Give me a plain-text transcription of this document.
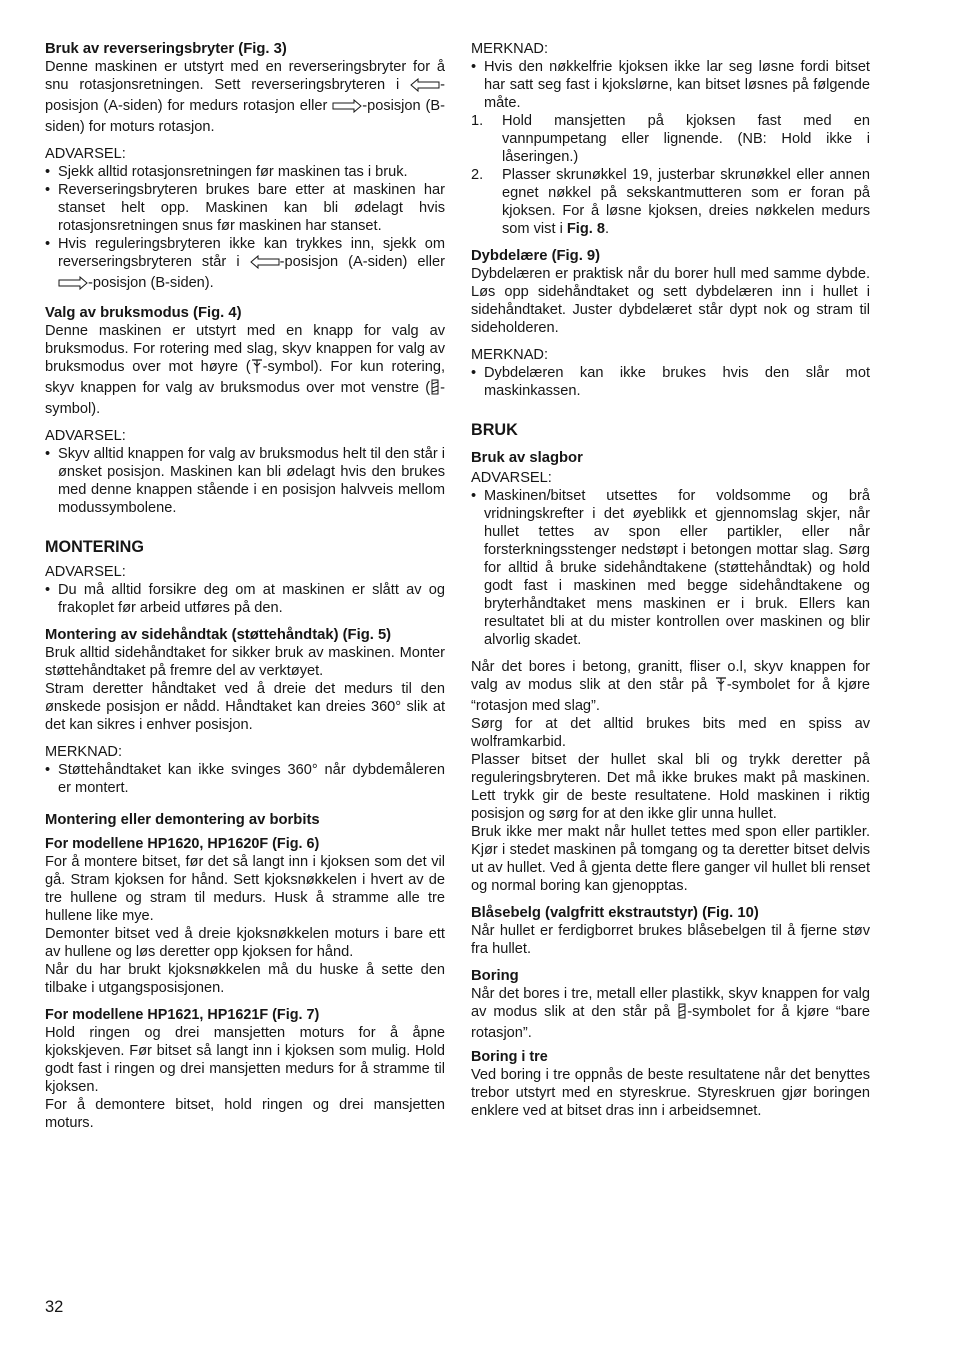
Bruk av reverseringsbryter (Fig. 3)

Denne maskinen er utstyrt med en reverseringsbryter for å snu rotasjonsretningen. Sett reverseringsbryteren i	-posisjon (A-siden) for medurs rotasjon eller -posisjon (B-siden) for moturs rotasjon.

ADVARSEL:

• Sjekk alltid rotasjonsretningen før maskinen tas i bruk.
• Reverseringsbryteren brukes bare etter at maskinen har stanset helt opp. Maskinen kan bli ødelagt hvis rotasjonsretningen snus før maskinen har stanset.
• Hvis reguleringsbryteren ikke kan trykkes inn, sjekk om reverseringsbryteren står i	-posisjon (A-siden) eller -posisjon (B-siden).
Valg av bruksmodus (Fig. 4)

Denne maskinen er utstyrt med en knapp for valg av bruksmodus. For rotering med slag, skyv knappen for valg av bruksmodus over mot høyre ( -symbol). For kun rotering, skyv knappen for valg av bruksmodus over mot venstre ( -symbol).

ADVARSEL:

• Skyv alltid knappen for valg av bruksmodus helt til den står i ønsket posisjon. Maskinen kan bli ødelagt hvis den brukes med denne knappen stående i en posisjon halvveis mellom modussymbolene.
MONTERING

ADVARSEL:

• Du må alltid forsikre deg om at maskinen er slått av og frakoplet før arbeid utføres på den.
Montering av sidehåndtak (støttehåndtak) (Fig. 5)

Bruk alltid sidehåndtaket for sikker bruk av maskinen. Monter støttehåndtaket på fremre del av verktøyet.

Stram deretter håndtaket ved å dreie det medurs til den ønskede posisjon er nådd. Håndtaket kan dreies 360° slik at det kan sikres i enhver posisjon.

MERKNAD:

• Støttehåndtaket kan ikke svinges 360° når dybdemåleren er montert.
Montering eller demontering av borbits
For modellene HP1620, HP1620F (Fig. 6)

For å montere bitset, før det så langt inn i kjoksen som det vil gå. Stram kjoksen for hånd. Sett kjoksnøkkelen i hvert av de tre hullene og stram til medurs. Husk å stramme alle tre hullene like mye.

Demonter bitset ved å dreie kjoksnøkkelen moturs i bare ett av hullene og løs deretter opp kjoksen for hånd.

Når du har brukt kjoksnøkkelen må du huske å sette den tilbake i utgangsposisjonen.

For modellene HP1621, HP1621F (Fig. 7)

Hold ringen og drei mansjetten moturs for å åpne kjokskjeven. Før bitset så langt inn i kjoksen som mulig. Hold godt fast i ringen og drei mansjetten medurs for å stramme til kjoksen.

For å demontere bitset, hold ringen og drei mansjetten moturs.

MERKNAD:

• Hvis den nøkkelfrie kjoksen ikke lar seg løsne fordi bitset har satt seg fast i kjokslørne, kan bitset løsnes på følgende måte.
1. Hold mansjetten på kjoksen fast med en vannpumpetang eller lignende. (NB: Hold ikke i låseringen.)
2. Plasser skrunøkkel 19, justerbar skrunøkkel eller annen egnet nøkkel på sekskantmutteren som er foran på kjoksen. For å løsne kjoksen, dreies nøkkelen medurs som vist i Fig. 8.
Dybdelære (Fig. 9)

Dybdelæren er praktisk når du borer hull med samme dybde. Løs opp sidehåndtaket og sett dybdelæren inn i hullet i sidehåndtaket. Juster dybdelæret står dypt nok og stram til sideholderen.

MERKNAD:

• Dybdelæren kan ikke brukes hvis den slår mot maskinkassen.
BRUK
Bruk av slagbor

ADVARSEL:

• Maskinen/bitset utsettes for voldsomme og brå vridningskrefter i det øyeblikk et gjennomslag skjer, når hullet tettes av spon eller partikler, eller når forsterkningsstenger nedstøpt i betongen mottar slag. Sørg for alltid å bruke sidehåndtakene (støttehåndtak) og hold godt fast i maskinen med begge sidehåndtakene og bryterhåndtaket mens maskinen er i bruk. Ellers kan resultatet bli at du mister kontrollen over maskinen og blir alvorlig skadet.

Når det bores i betong, granitt, fliser o.l, skyv knappen for valg av modus slik at den står på -symbolet for å kjøre “rotasjon med slag”.

Sørg for at det alltid brukes bits med en spiss av wolframkarbid.

Plasser bitset der hullet skal bli og trykk deretter på reguleringsbryteren. Det må ikke brukes makt på maskinen. Lett trykk gir de beste resultatene. Hold maskinen i riktig posisjon og sørg for at den ikke glir unna hullet.

Bruk ikke mer makt når hullet tettes med spon eller partikler. Kjør i stedet maskinen på tomgang og ta deretter bitset delvis ut av hullet. Ved å gjenta dette flere ganger vil hullet bli renset og normal boring kan gjenopptas.

Blåsebelg (valgfritt ekstrautstyr) (Fig. 10)

Når hullet er ferdigborret brukes blåsebelgen til å fjerne støv fra hullet.

Boring

Når det bores i tre, metall eller plastikk, skyv knappen for valg av modus slik at den står på -symbolet for å kjøre “bare rotasjon”.

Boring i tre

Ved boring i tre oppnås de beste resultatene når det benyttes trebor utstyrt med en styreskrue. Styreskruen gjør boringen enklere ved at bitset dras inn i arbeidsemnet.

32
